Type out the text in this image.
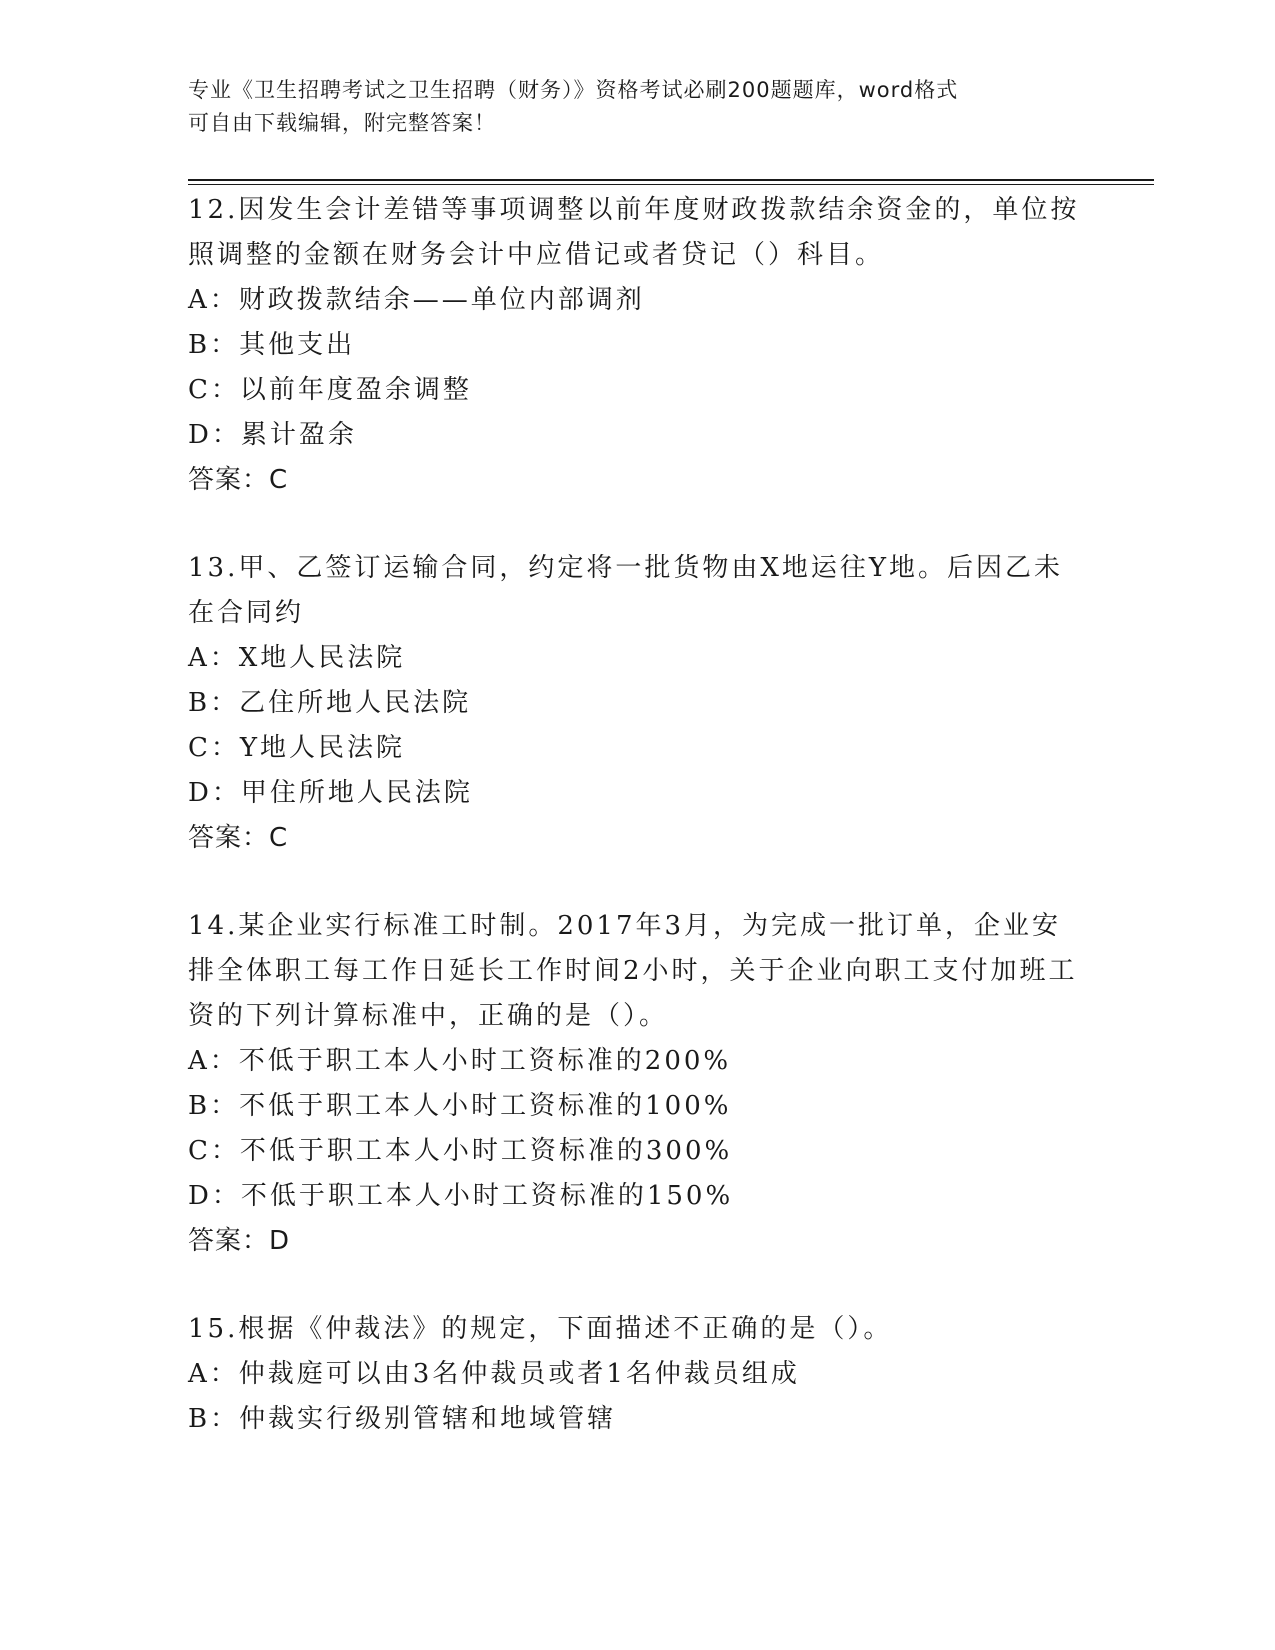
专业《卫生招聘考试之卫生招聘（财务）》资格考试必刷200题题库，word格式
可自由下载编辑，附完整答案！

12.因发生会计差错等事项调整以前年度财政拨款结余资金的，单位按照调整的金额在财务会计中应借记或者贷记（）科目。

A：财政拨款结余——单位内部调剂

B：其他支出

C：以前年度盈余调整

D：累计盈余

答案：C

13.甲、乙签订运输合同，约定将一批货物由X地运往Y地。后因乙未在合同约

A：X地人民法院

B：乙住所地人民法院

C：Y地人民法院

D：甲住所地人民法院

答案：C

14.某企业实行标准工时制。2017年3月，为完成一批订单，企业安排全体职工每工作日延长工作时间2小时，关于企业向职工支付加班工资的下列计算标准中，正确的是（）。

A：不低于职工本人小时工资标准的200%

B：不低于职工本人小时工资标准的100%

C：不低于职工本人小时工资标准的300%

D：不低于职工本人小时工资标准的150%

答案：D

15.根据《仲裁法》的规定，下面描述不正确的是（）。

A：仲裁庭可以由3名仲裁员或者1名仲裁员组成

B：仲裁实行级别管辖和地域管辖
